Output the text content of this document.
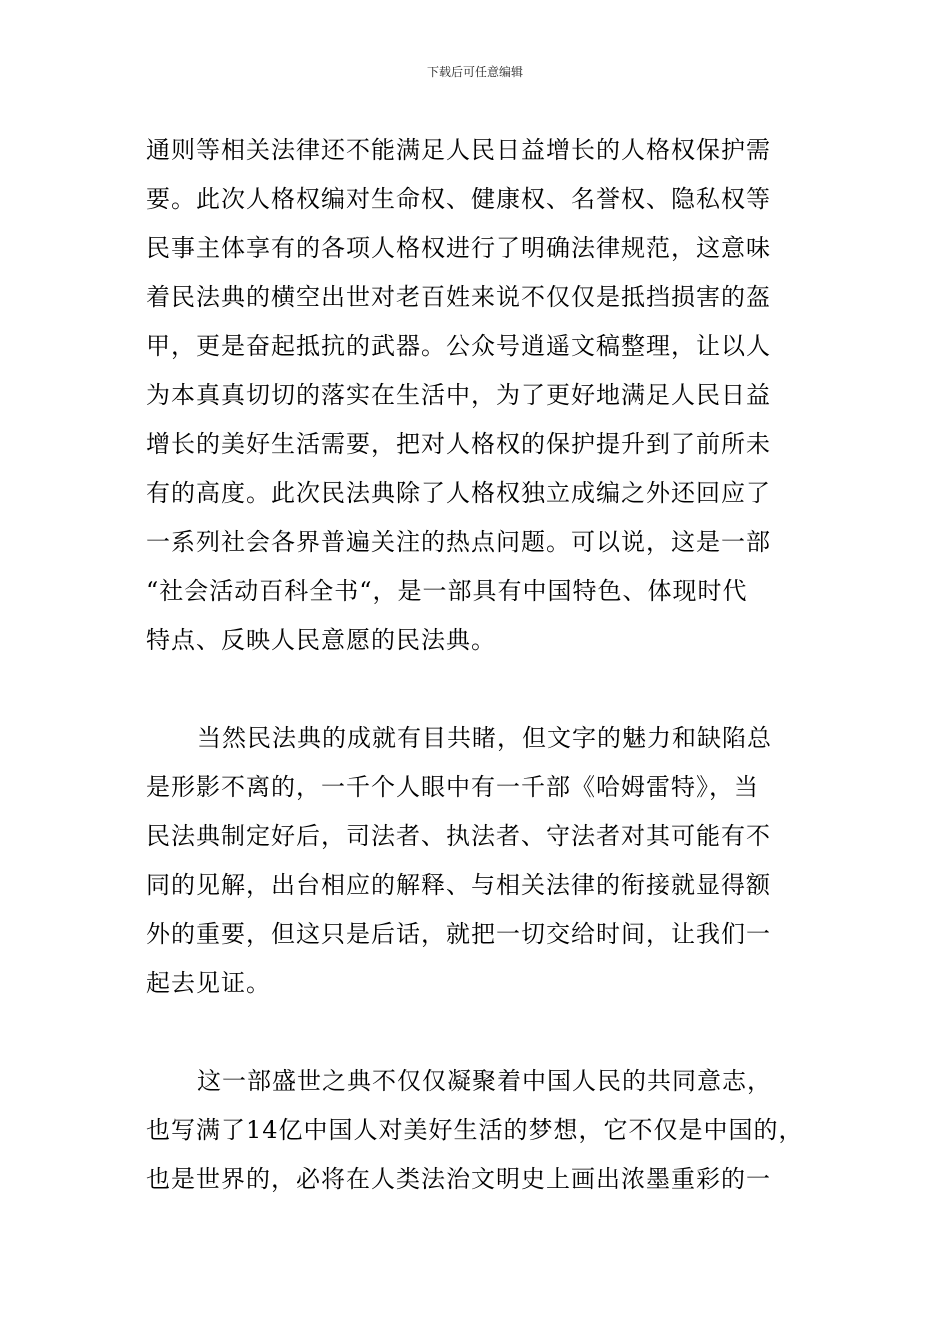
下载后可任意编辑
通则等相关法律还不能满足人民日益增长的人格权保护需
要。此次人格权编对生命权、健康权、名誉权、隐私权等
民事主体享有的各项人格权进行了明确法律规范，这意味
着民法典的横空出世对老百姓来说不仅仅是抵挡损害的盔
甲，更是奋起抵抗的武器。公众号逍遥文稿整理，让以人
为本真真切切的落实在生活中，为了更好地满足人民日益
增长的美好生活需要，把对人格权的保护提升到了前所未
有的高度。此次民法典除了人格权独立成编之外还回应了
一系列社会各界普遍关注的热点问题。可以说，这是一部
“社会活动百科全书“，是一部具有中国特色、体现时代
特点、反映人民意愿的民法典。
当然民法典的成就有目共睹，但文字的魅力和缺陷总
是形影不离的，一千个人眼中有一千部《哈姆雷特》，当
民法典制定好后，司法者、执法者、守法者对其可能有不
同的见解，出台相应的解释、与相关法律的衔接就显得额
外的重要，但这只是后话，就把一切交给时间，让我们一
起去见证。
这一部盛世之典不仅仅凝聚着中国人民的共同意志，
也写满了14亿中国人对美好生活的梦想，它不仅是中国的，
也是世界的，必将在人类法治文明史上画出浓墨重彩的一
